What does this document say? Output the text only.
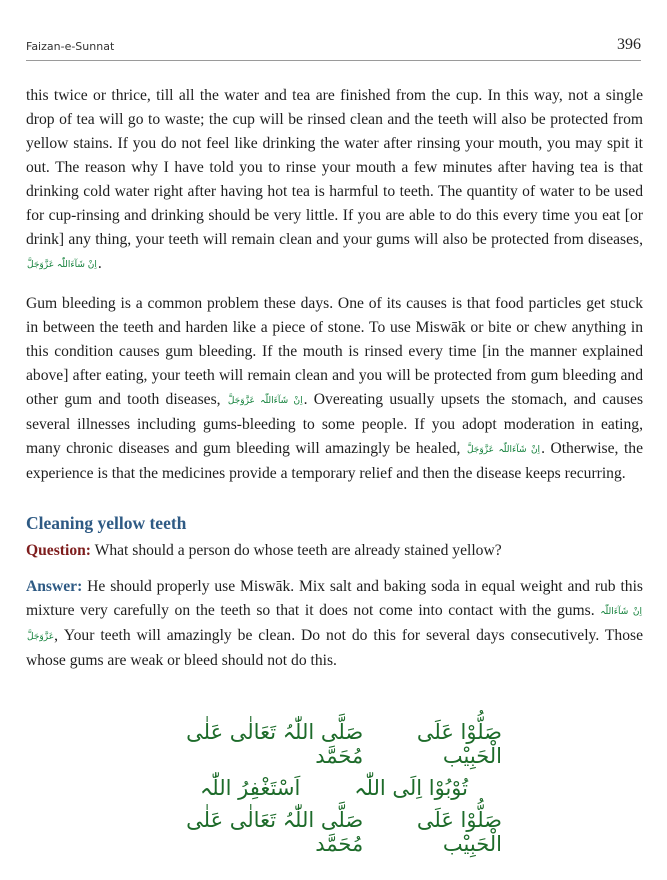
Faizan-e-Sunnat	396

this twice or thrice, till all the water and tea are finished from the cup. In this way, not a single drop of tea will go to waste; the cup will be rinsed clean and the teeth will also be protected from yellow stains. If you do not feel like drinking the water after rinsing your mouth, you may spit it out. The reason why I have told you to rinse your mouth a few minutes after having tea is that drinking cold water right after having hot tea is harmful to teeth. The quantity of water to be used for cup-rinsing and drinking should be very little. If you are able to do this every time you eat [or drink] any thing, your teeth will remain clean and your gums will also be protected from diseases, اِنْ شَآءَاللّٰہ عَزَّوَجَلَّ.

Gum bleeding is a common problem these days. One of its causes is that food particles get stuck in between the teeth and harden like a piece of stone. To use Miswāk or bite or chew anything in this condition causes gum bleeding. If the mouth is rinsed every time [in the manner explained above] after eating, your teeth will remain clean and you will be protected from gum bleeding and other gum and tooth diseases, اِنْ شَآءَاللّٰہ عَزَّوَجَلَّ. Overeating usually upsets the stomach, and causes several illnesses including gums-bleeding to some people. If you adopt moderation in eating, many chronic diseases and gum bleeding will amazingly be healed, اِنْ شَآءَاللّٰہ عَزَّوَجَلَّ. Otherwise, the experience is that the medicines provide a temporary relief and then the disease keeps recurring.

Cleaning yellow teeth

Question: What should a person do whose teeth are already stained yellow?

Answer: He should properly use Miswāk. Mix salt and baking soda in equal weight and rub this mixture very carefully on the teeth so that it does not come into contact with the gums. اِنْ شَآءَاللّٰہ عَزَّوَجَلَّ, Your teeth will amazingly be clean. Do not do this for several days consecutively. Those whose gums are weak or bleed should not do this.

صَلُّوْا عَلَی الْحَبِیْب
صَلَّی اللّٰہُ تَعَالٰی عَلٰی مُحَمَّد
تُوْبُوْا اِلَی اللّٰہ
اَسْتَغْفِرُ اللّٰہ
صَلُّوْا عَلَی الْحَبِیْب
صَلَّی اللّٰہُ تَعَالٰی عَلٰی مُحَمَّد
